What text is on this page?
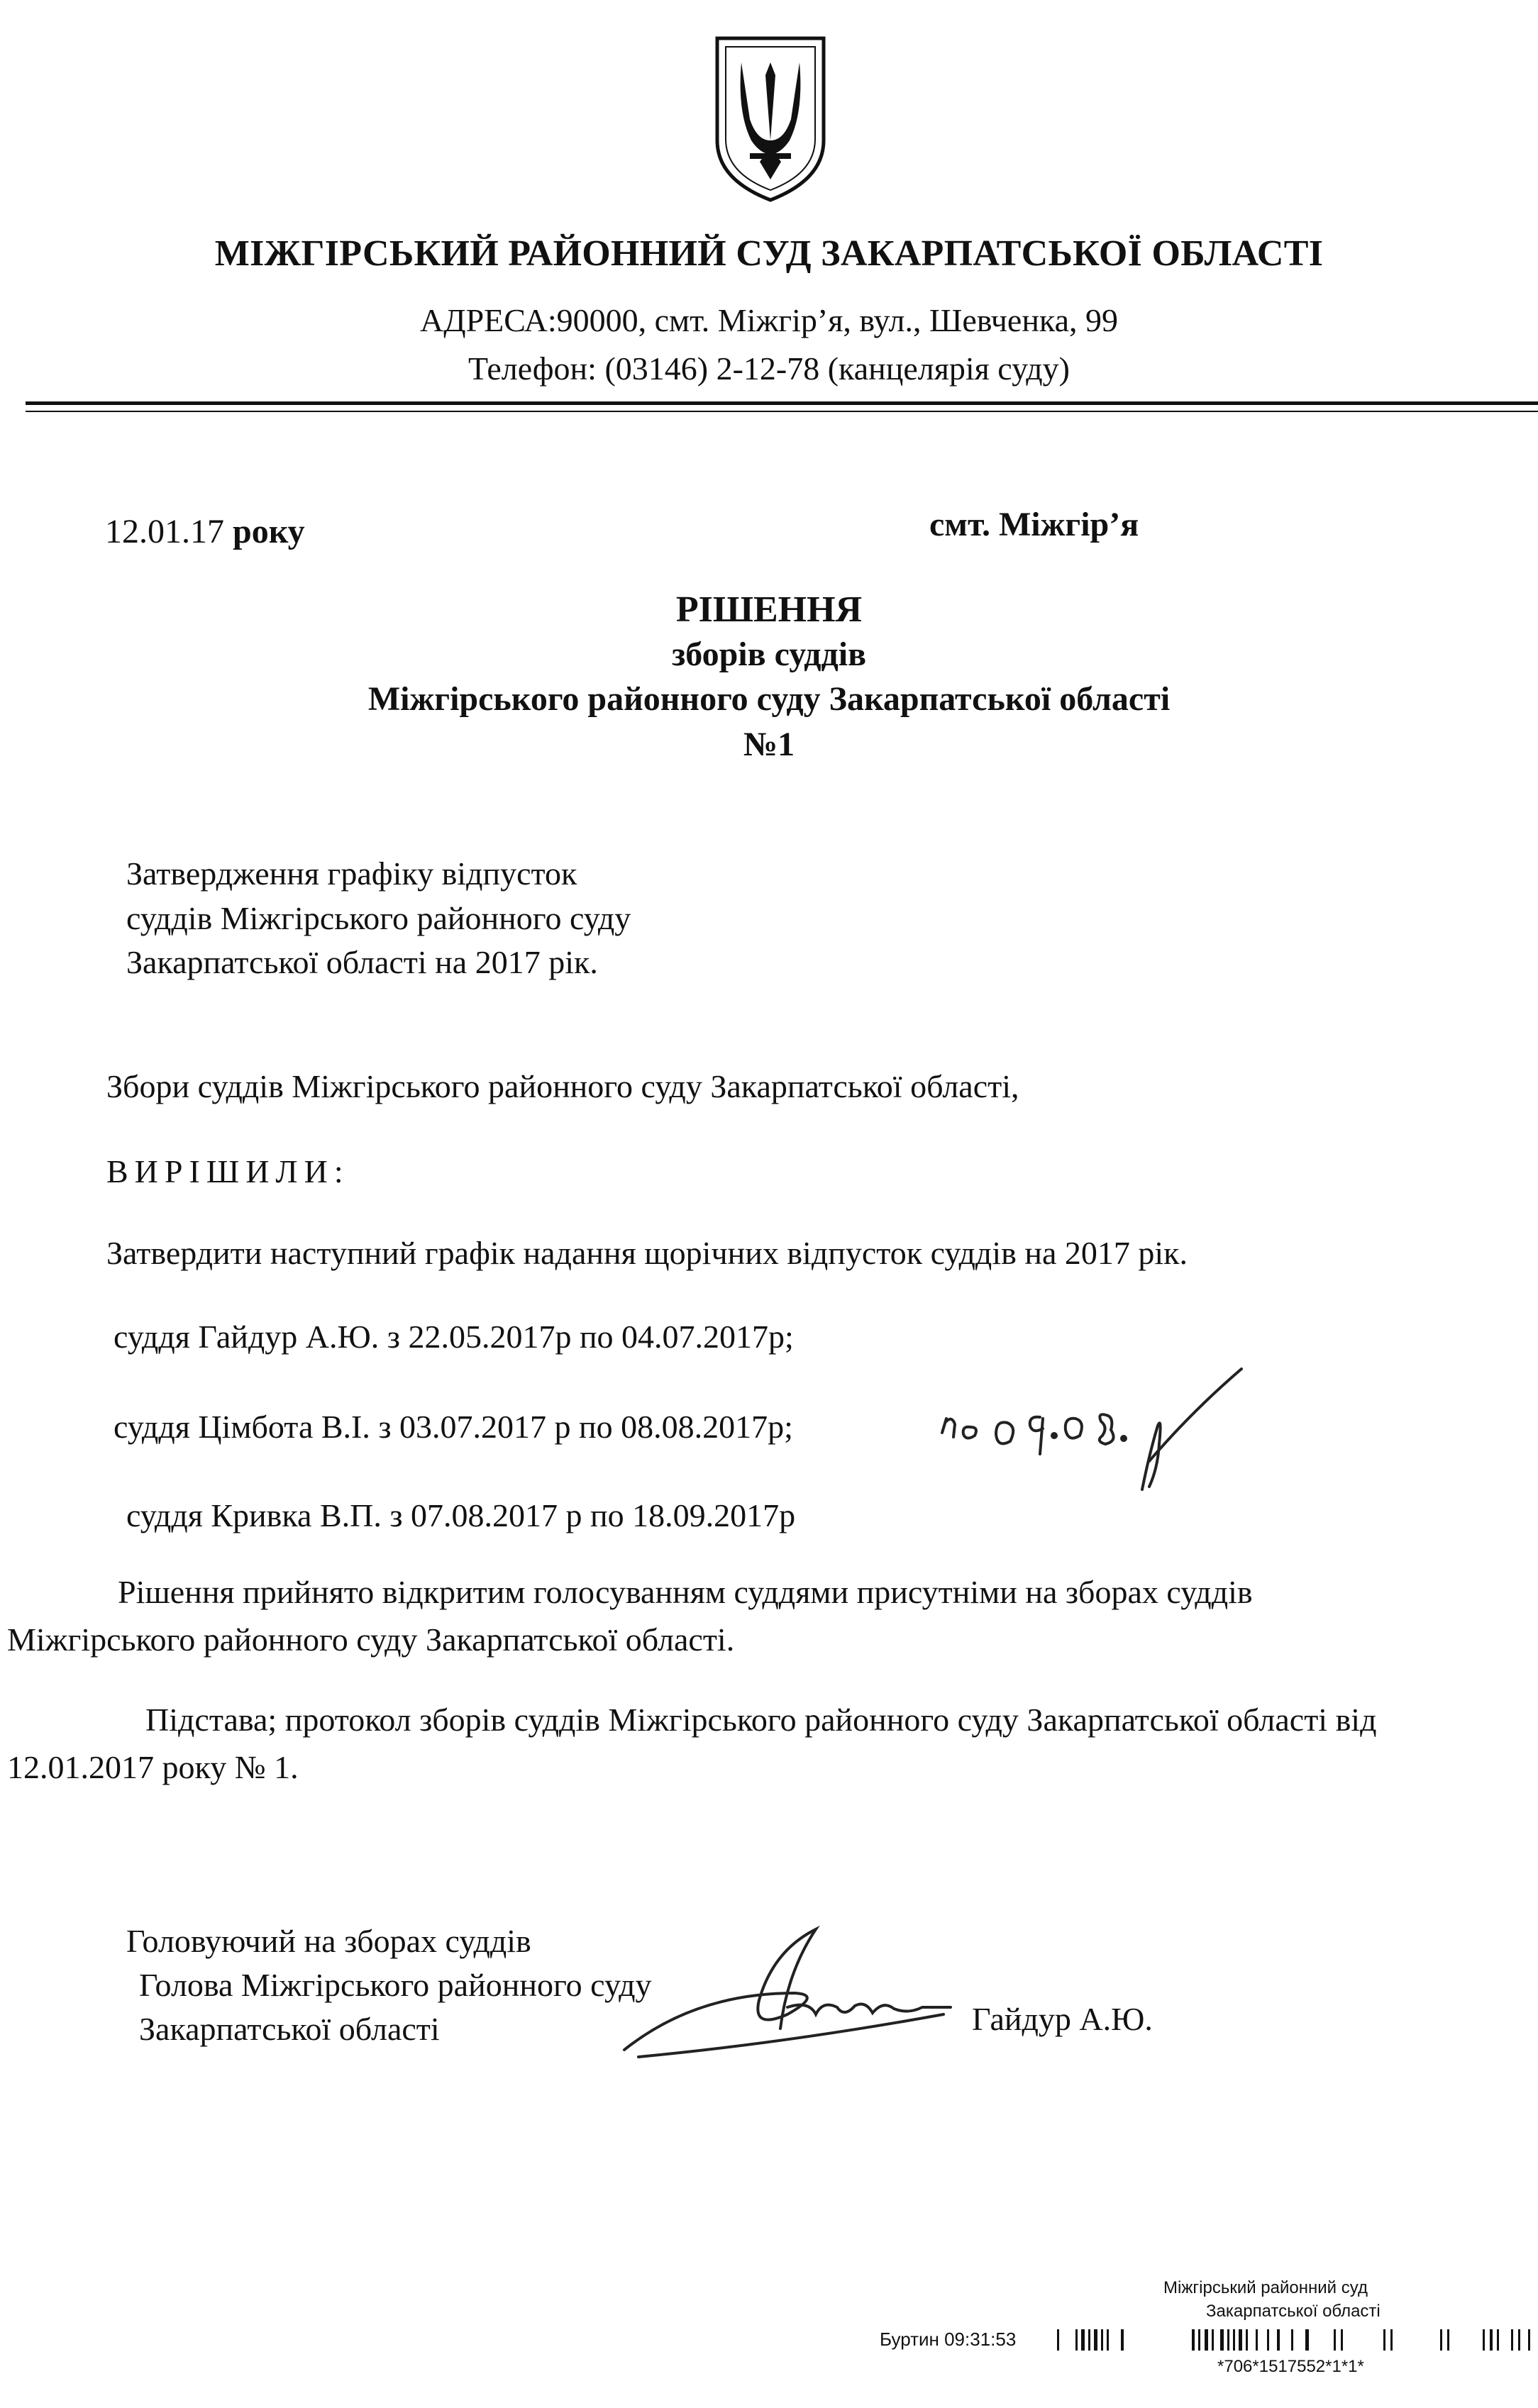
МІЖГІРСЬКИЙ РАЙОННИЙ СУД ЗАКАРПАТСЬКОЇ ОБЛАСТІ
АДРЕСА:90000, смт. Міжгір’я, вул., Шевченка, 99
Телефон: (03146) 2-12-78 (канцелярія суду)
12.01.17 року	смт. Міжгір’я
РІШЕННЯ
зборів суддів
Міжгірського районного суду Закарпатської області
№1
Затвердження графіку відпусток
суддів Міжгірського районного суду
Закарпатської області на 2017 рік.
Збори суддів Міжгірського районного суду Закарпатської області,
ВИРІШИЛИ:
Затвердити наступний графік надання щорічних відпусток суддів на 2017 рік.
суддя Гайдур А.Ю. з 22.05.2017р по 04.07.2017р;
суддя Цімбота В.І. з 03.07.2017 р по 08.08.2017р;
суддя Кривка В.П. з 07.08.2017 р по 18.09.2017р
Рішення прийнято відкритим голосуванням суддями присутніми на зборах суддів
Міжгірського районного суду Закарпатської області.
Підстава; протокол зборів суддів Міжгірського районного суду Закарпатської області від
12.01.2017 року № 1.
Головуючий на зборах суддів
Голова Міжгірського районного суду
Закарпатської області	Гайдур А.Ю.
Міжгірський районний суд
Закарпатської області
Буртин 09:31:53
*706*1517552*1*1*
